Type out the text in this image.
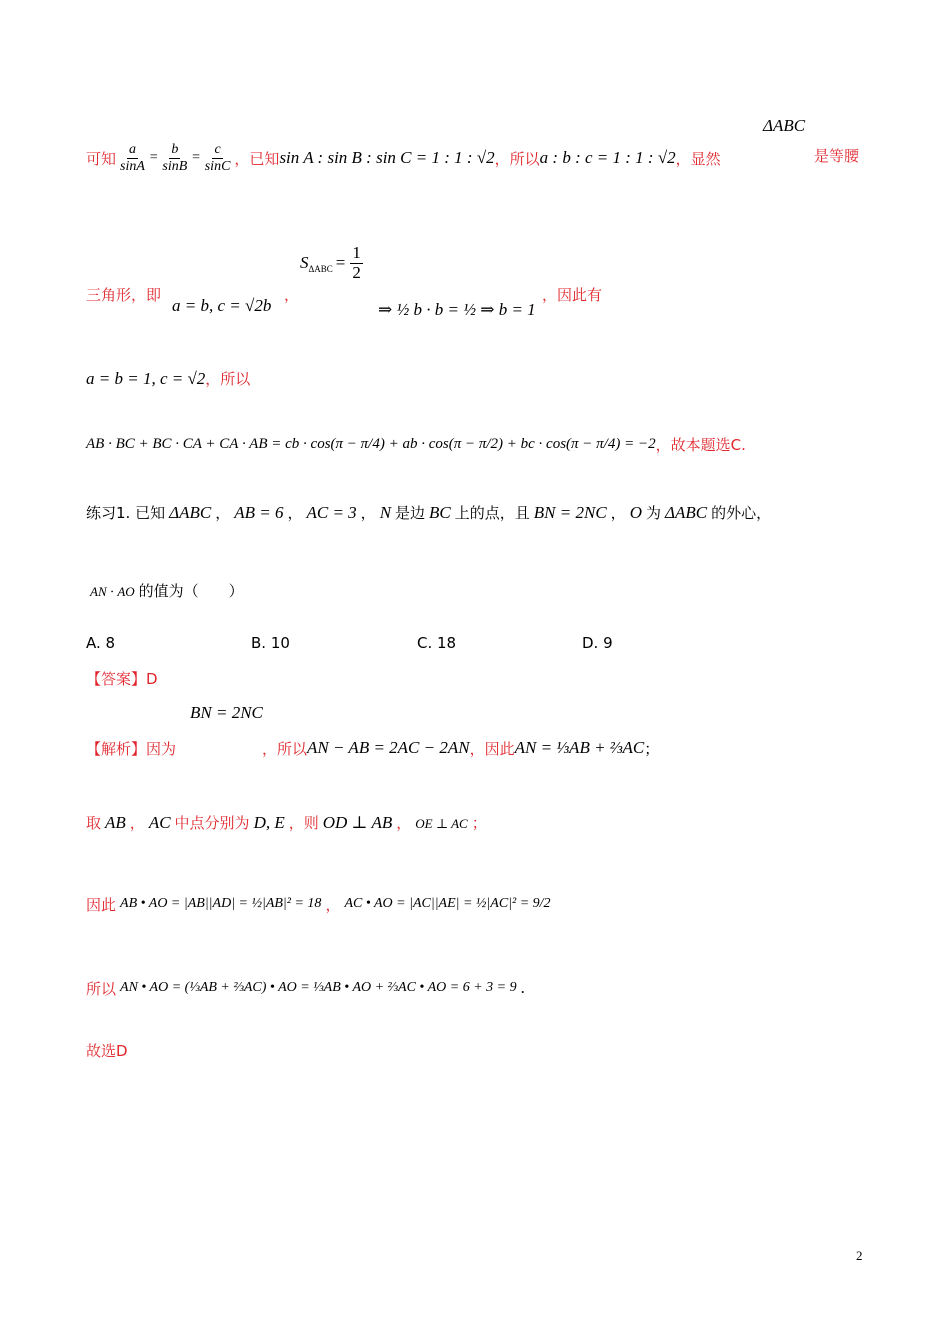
ΔABC
可知 $\frac{a}{\sin A} = \frac{b}{\sin B} = \frac{c}{\sin C}$ ，已知 sin A : sin B : sin C = 1 : 1 : √2 ，所以 a : b : c = 1 : 1 : √2 ，显然	是等腰
三角形，即
a = b, c = √2b
，
S $\Delta ABC = \frac{1}{2}$
⇒ ½ b · b = ½ ⇒ b = 1
，因此有
a = b = 1, c = √2 ，所以
AB · BC + BC · CA + CA · AB = cb · cos(π − π/4) + ab · cos(π − π/2) + bc · cos(π − π/4) = −2 ，故本题选C.
练习1. 已知 ΔABC ， AB = 6 ， AC = 3 ， N 是边 BC 上的点，且 BN = 2NC ， O 为 ΔABC 的外心，
AN ⋅ AO 的值为（　　）
A. 8	B. 10	C. 18	D. 9
【答案】D
BN = 2NC
【解析】 因为	，所以 AN − AB = 2AC − 2AN ，因此 AN = ⅓AB + ⅔AC ；
取 AB ， AC 中点分别为 D, E ，则 OD ⊥ AB ， OE ⊥ AC ；
因此 AB • AO = |AB||AD| = ½|AB|² = 18 ， AC • AO = |AC||AE| = ½|AC|² = 9/2
所以 AN • AO = (⅓AB + ⅔AC) • AO = ⅓AB • AO + ⅔AC • AO = 6 + 3 = 9 .
故选D
2
